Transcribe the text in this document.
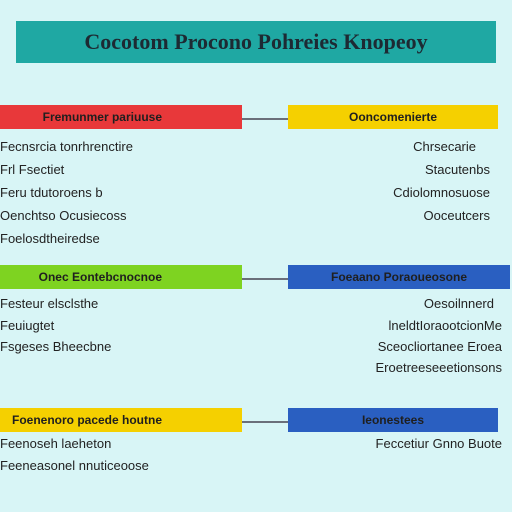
Cocotom Procono Pohreies Knopeoy
Fremunmer pariuuse	Ooncomenierte
Fecnsrcia tonrhrenctire
Frl Fsectiet
Feru tdutoroens b
Oenchtso Ocusiecoss
Foelosdtheiredse
Chrsecarie
Stacutenbs
Cdiolomnosuose
Ooceutcers
Onec Eontebcnocnoe	Foeaano Poraoueosone
Festeur elsclsthe
Feuiugtet
Fsgeses Bheecbne
Oesoilnnerd
lneldtIoraootcionMe
Sceocliortanee Eroea
Eroetreeseeetionsons
Foenenoro pacede houtne	Ieonestees
Feenoseh laeheton
Feeneasonel nnuticeoose
Feccetiur Gnno Buote
